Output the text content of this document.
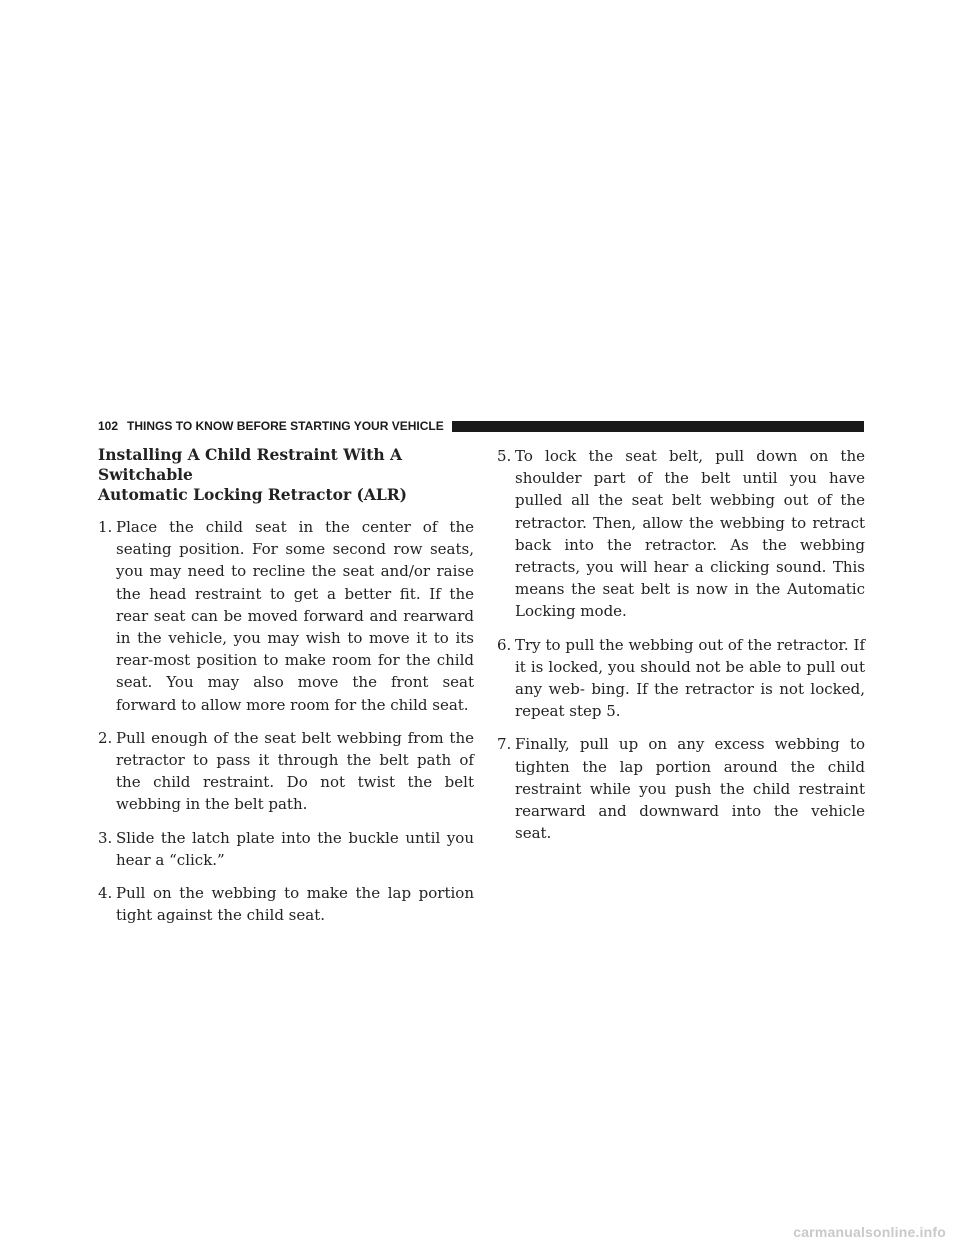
102 THINGS TO KNOW BEFORE STARTING YOUR VEHICLE
Installing A Child Restraint With A Switchable
Automatic Locking Retractor (ALR)
1. Place the child seat in the center of the seating position. For some second row seats, you may need to recline the seat and/or raise the head restraint to get a better fit. If the rear seat can be moved forward and rearward in the vehicle, you may wish to move it to its rear-most position to make room for the child seat. You may also move the front seat forward to allow more room for the child seat.
2. Pull enough of the seat belt webbing from the retractor to pass it through the belt path of the child restraint. Do not twist the belt webbing in the belt path.
3. Slide the latch plate into the buckle until you hear a “click.”
4. Pull on the webbing to make the lap portion tight against the child seat.
5. To lock the seat belt, pull down on the shoulder part of the belt until you have pulled all the seat belt webbing out of the retractor. Then, allow the webbing to retract back into the retractor. As the webbing retracts, you will hear a clicking sound. This means the seat belt is now in the Automatic Locking mode.
6. Try to pull the webbing out of the retractor. If it is locked, you should not be able to pull out any web- bing. If the retractor is not locked, repeat step 5.
7. Finally, pull up on any excess webbing to tighten the lap portion around the child restraint while you push the child restraint rearward and downward into the vehicle seat.
carmanualsonline.info
